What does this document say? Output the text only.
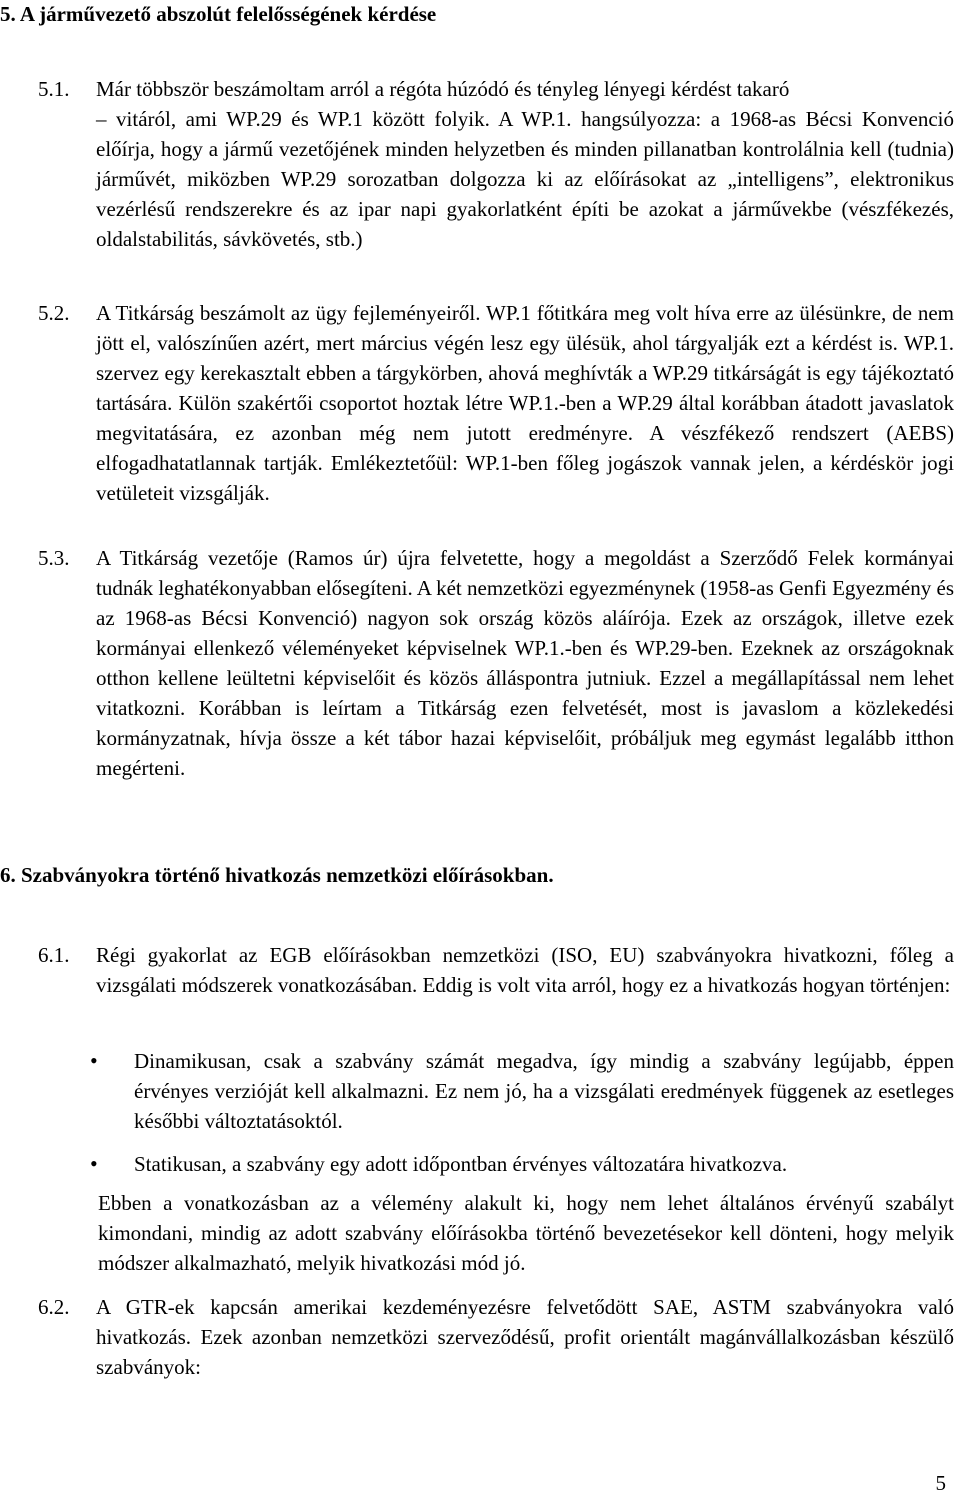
5. A járművezető abszolút felelősségének kérdése
5.1. Már többször beszámoltam arról a régóta húzódó és tényleg lényegi kérdést takaró

– vitáról, ami WP.29 és WP.1 között folyik. A WP.1. hangsúlyozza: a 1968-as Bécsi Konvenció előírja, hogy a jármű vezetőjének minden helyzetben és minden pillanatban kontrolálnia kell (tudnia) járművét, miközben WP.29 sorozatban dolgozza ki az előírásokat az „intelligens”, elektronikus vezérlésű rendszerekre és az ipar napi gyakorlatként építi be azokat a járművekbe (vészfékezés, oldalstabilitás, sávkövetés, stb.)

5.2. A Titkárság beszámolt az ügy fejleményeiről. WP.1 főtitkára meg volt híva erre az ülésünkre, de nem jött el, valószínűen azért, mert március végén lesz egy ülésük, ahol tárgyalják ezt a kérdést is. WP.1. szervez egy kerekasztalt ebben a tárgykörben, ahová meghívták a WP.29 titkárságát is egy tájékoztató tartására. Külön szakértői csoportot hoztak létre WP.1.-ben a WP.29 által korábban átadott javaslatok megvitatására, ez azonban még nem jutott eredményre. A vészfékező rendszert (AEBS) elfogadhatatlannak tartják. Emlékeztetőül: WP.1-ben főleg jogászok vannak jelen, a kérdéskör jogi vetületeit vizsgálják.

5.3. A Titkárság vezetője (Ramos úr) újra felvetette, hogy a megoldást a Szerződő Felek kormányai tudnák leghatékonyabban elősegíteni. A két nemzetközi egyezménynek (1958-as Genfi Egyezmény és az 1968-as Bécsi Konvenció) nagyon sok ország közös aláírója. Ezek az országok, illetve ezek kormányai ellenkező véleményeket képviselnek WP.1.-ben és WP.29-ben. Ezeknek az országoknak otthon kellene leültetni képviselőit és közös álláspontra jutniuk. Ezzel a megállapítással nem lehet vitatkozni. Korábban is leírtam a Titkárság ezen felvetését, most is javaslom a közlekedési kormányzatnak, hívja össze a két tábor hazai képviselőit, próbáljuk meg egymást legalább itthon megérteni.

6. Szabványokra történő hivatkozás nemzetközi előírásokban.
6.1. Régi gyakorlat az EGB előírásokban nemzetközi (ISO, EU) szabványokra hivatkozni, főleg a vizsgálati módszerek vonatkozásában. Eddig is volt vita arról, hogy ez a hivatkozás hogyan történjen:

• Dinamikusan, csak a szabvány számát megadva, így mindig a szabvány legújabb, éppen érvényes verzióját kell alkalmazni. Ez nem jó, ha a vizsgálati eredmények függenek az esetleges későbbi változtatásoktól.

• Statikusan, a szabvány egy adott időpontban érvényes változatára hivatkozva.

Ebben a vonatkozásban az a vélemény alakult ki, hogy nem lehet általános érvényű szabályt kimondani, mindig az adott szabvány előírásokba történő bevezetésekor kell dönteni, hogy melyik módszer alkalmazható, melyik hivatkozási mód jó.

6.2. A GTR-ek kapcsán amerikai kezdeményezésre felvetődött SAE, ASTM szabványokra való hivatkozás. Ezek azonban nemzetközi szerveződésű, profit orientált magánvállalkozásban készülő szabványok:

5
